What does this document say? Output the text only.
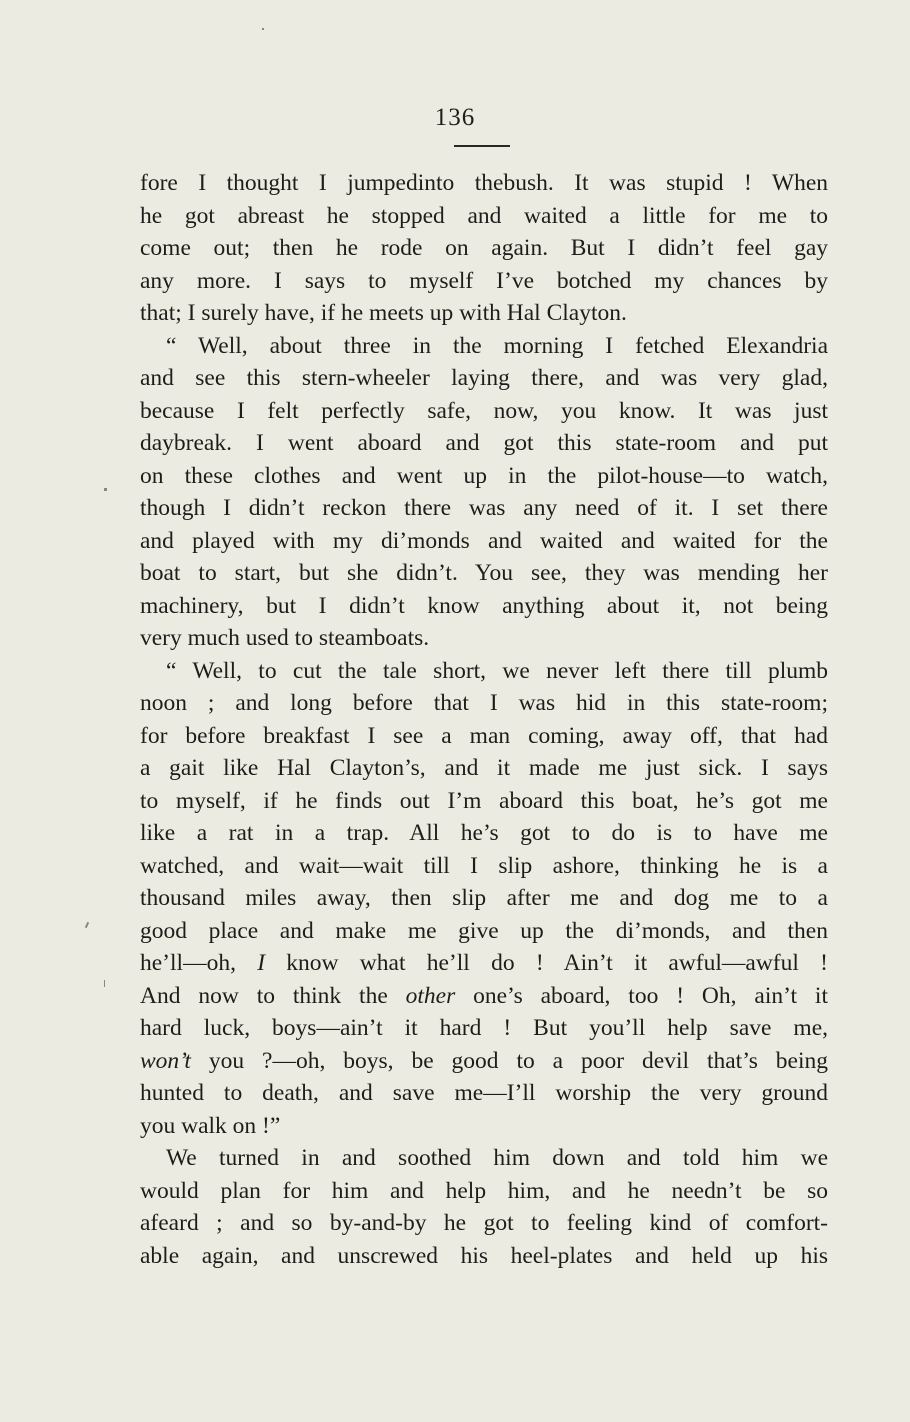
136
fore I thought I jumpedinto thebush. It was stupid ! When
he got abreast he stopped and waited a little for me to
come out; then he rode on again. But I didn’t feel gay
any more. I says to myself I’ve botched my chances by
that; I surely have, if he meets up with Hal Clayton.
“ Well, about three in the morning I fetched Elexandria
and see this stern-wheeler laying there, and was very glad,
because I felt perfectly safe, now, you know. It was just
daybreak. I went aboard and got this state-room and put
on these clothes and went up in the pilot-house—to watch,
though I didn’t reckon there was any need of it. I set there
and played with my di’monds and waited and waited for the
boat to start, but she didn’t. You see, they was mending her
machinery, but I didn’t know anything about it, not being
very much used to steamboats.
“ Well, to cut the tale short, we never left there till plumb
noon ; and long before that I was hid in this state-room;
for before breakfast I see a man coming, away off, that had
a gait like Hal Clayton’s, and it made me just sick. I says
to myself, if he finds out I’m aboard this boat, he’s got me
like a rat in a trap. All he’s got to do is to have me
watched, and wait—wait till I slip ashore, thinking he is a
thousand miles away, then slip after me and dog me to a
good place and make me give up the di’monds, and then
he’ll—oh, I know what he’ll do ! Ain’t it awful—awful !
And now to think the other one’s aboard, too ! Oh, ain’t it
hard luck, boys—ain’t it hard ! But you’ll help save me,
won’t you ?—oh, boys, be good to a poor devil that’s being
hunted to death, and save me—I’ll worship the very ground
you walk on !”
We turned in and soothed him down and told him we
would plan for him and help him, and he needn’t be so
afeard ; and so by-and-by he got to feeling kind of comfort-
able again, and unscrewed his heel-plates and held up his
